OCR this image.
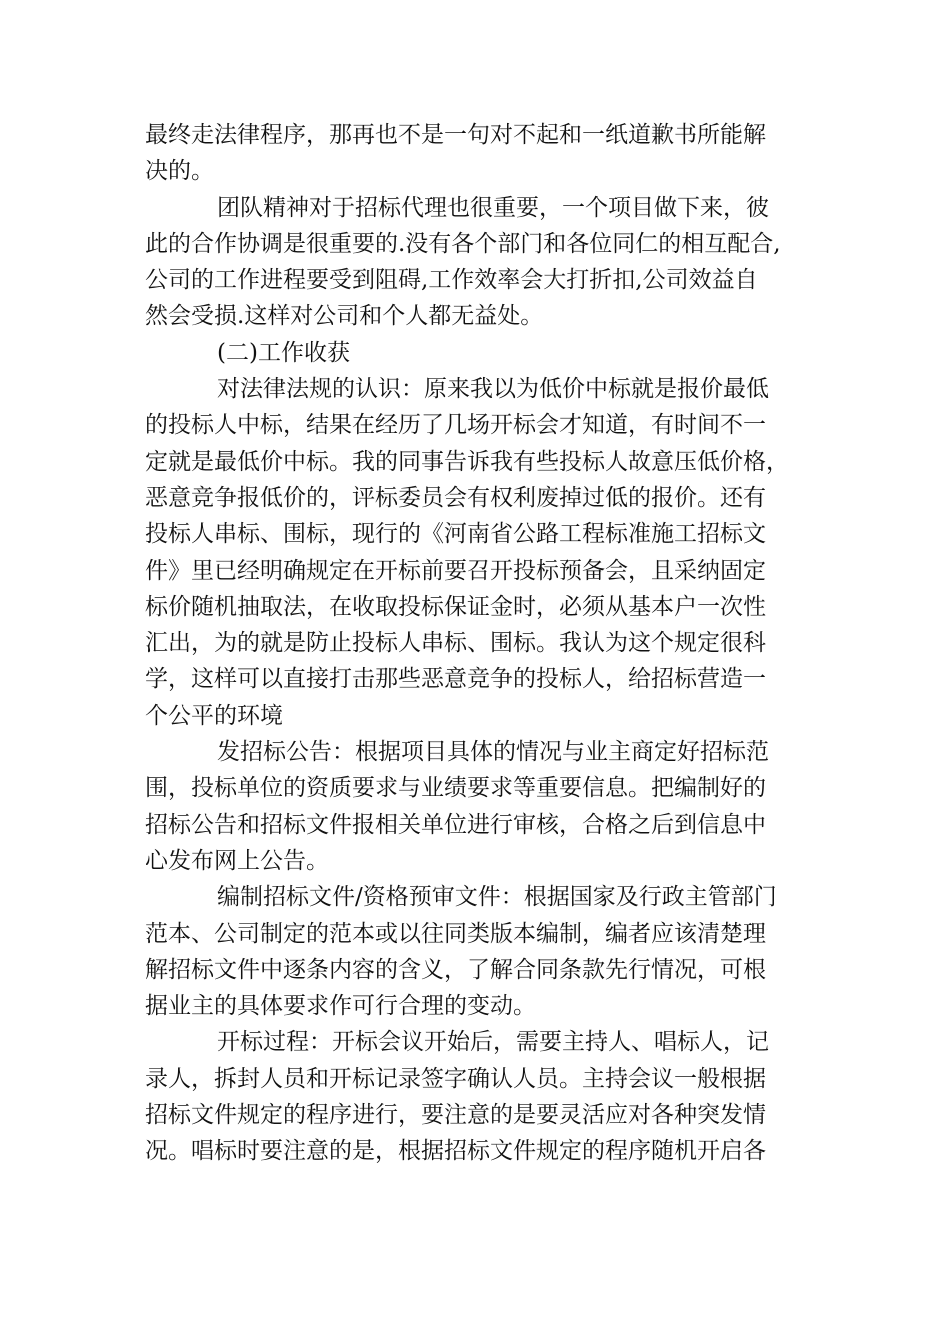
最终走法律程序，那再也不是一句对不起和一纸道歉书所能解
决的。
团队精神对于招标代理也很重要，一个项目做下来，彼
此的合作协调是很重要的.没有各个部门和各位同仁的相互配合,
公司的工作进程要受到阻碍,工作效率会大打折扣,公司效益自
然会受损.这样对公司和个人都无益处。
(二)工作收获
对法律法规的认识：原来我以为低价中标就是报价最低
的投标人中标，结果在经历了几场开标会才知道，有时间不一
定就是最低价中标。我的同事告诉我有些投标人故意压低价格，
恶意竞争报低价的，评标委员会有权利废掉过低的报价。还有
投标人串标、围标，现行的《河南省公路工程标准施工招标文
件》里已经明确规定在开标前要召开投标预备会，且采纳固定
标价随机抽取法，在收取投标保证金时，必须从基本户一次性
汇出，为的就是防止投标人串标、围标。我认为这个规定很科
学，这样可以直接打击那些恶意竞争的投标人，给招标营造一
个公平的环境
发招标公告：根据项目具体的情况与业主商定好招标范
围，投标单位的资质要求与业绩要求等重要信息。把编制好的
招标公告和招标文件报相关单位进行审核，合格之后到信息中
心发布网上公告。
编制招标文件/资格预审文件：根据国家及行政主管部门
范本、公司制定的范本或以往同类版本编制，编者应该清楚理
解招标文件中逐条内容的含义，了解合同条款先行情况，可根
据业主的具体要求作可行合理的变动。
开标过程：开标会议开始后，需要主持人、唱标人，记
录人，拆封人员和开标记录签字确认人员。主持会议一般根据
招标文件规定的程序进行，要注意的是要灵活应对各种突发情
况。唱标时要注意的是，根据招标文件规定的程序随机开启各
